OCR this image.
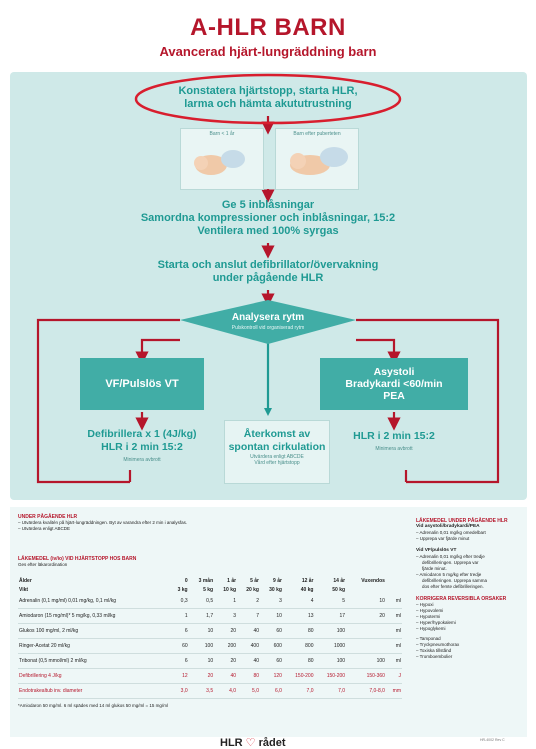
A-HLR BARN
Avancerad hjärt-lungräddning barn
Konstatera hjärtstopp, starta HLR,
larma och hämta akututrustning
Barn < 1 år	Barn efter puberteten
Ge 5 inblåsningar
Samordna kompressioner och inblåsningar, 15:2
Ventilera med 100% syrgas
Starta och anslut defibrillator/övervakning
under pågående HLR
Analysera rytm
Pulskontroll vid organiserad rytm
VF/Pulslös VT
Asystoli
Bradykardi <60/min
PEA
Defibrillera x 1 (4J/kg)
HLR i 2 min 15:2
Minimera avbrott
Återkomst av
spontan cirkulation
Utvärdera enligt ABCDE
Vård efter hjärtstopp
HLR i 2 min 15:2
Minimera avbrott
UNDER PÅGÅENDE HLR
– Utvärdera kvalitén på hjärt-lungräddningen. Byt av varandra efter 2 min i analysfas.
– Utvärdera enligt ABCDE
LÄKEMEDEL (iv/io) VID HJÄRTSTOPP HOS BARN
Ges efter läkarordination
Ålder	0	3 mån	1 år	5 år	9 år	12 år	14 år	Vuxendos	
Vikt	3 kg	5 kg	10 kg	20 kg	30 kg	40 kg	50 kg		
Adrenalin (0,1 mg/ml) 0,01 mg/kg, 0,1 ml/kg	0,3	0,5	1	2	3	4	5	10	ml
Amiodaron (15 mg/ml)* 5 mg/kg, 0,33 ml/kg	1	1,7	3	7	10	13	17	20	ml
Glukos 100 mg/ml, 2 ml/kg	6	10	20	40	60	80	100		ml
Ringer-Acetat 20 ml/kg	60	100	200	400	600	800	1000		ml
Tribonat (0,5 mmol/ml) 2 ml/kg	6	10	20	40	60	80	100	100	ml
Defibrillering 4 J/kg	12	20	40	80	120	150-200	150-200	150-360	J
Endotrakealtub inv. diameter	3,0	3,5	4,0	5,0	6,0	7,0	7,0	7,0-8,0	mm
*Amiodaron 50 mg/ml. 6 ml spädes med 14 ml glukos 50 mg/ml = 15 mg/ml
LÄKEMEDEL UNDER PÅGÅENDE HLR
Vid asystoli/bradykardi/PEA
– Adrenalin 0,01 mg/kg omedelbart
– Upprepa var fjärde minut
Vid VF/pulslös VT
– Adrenalin 0,01 mg/kg efter tredje
defibrilleringen. Upprepa var
fjärde minut.
– Amiodaron 5 mg/kg efter tredje
defibrilleringen. Upprepa samma
dos efter femte defibrilleringen.
KORRIGERA REVERSIBLA ORSAKER
– Hypoxi
– Hypovolemi
– Hypotermi
– Hyper/hypokalemi
– Hypoglykemi
– Tamponad
– Tryckpneumothorax
– Toxiska tillstånd
– Tromboembolier
HLR ♡ rådet	HR-4002 Rev C
